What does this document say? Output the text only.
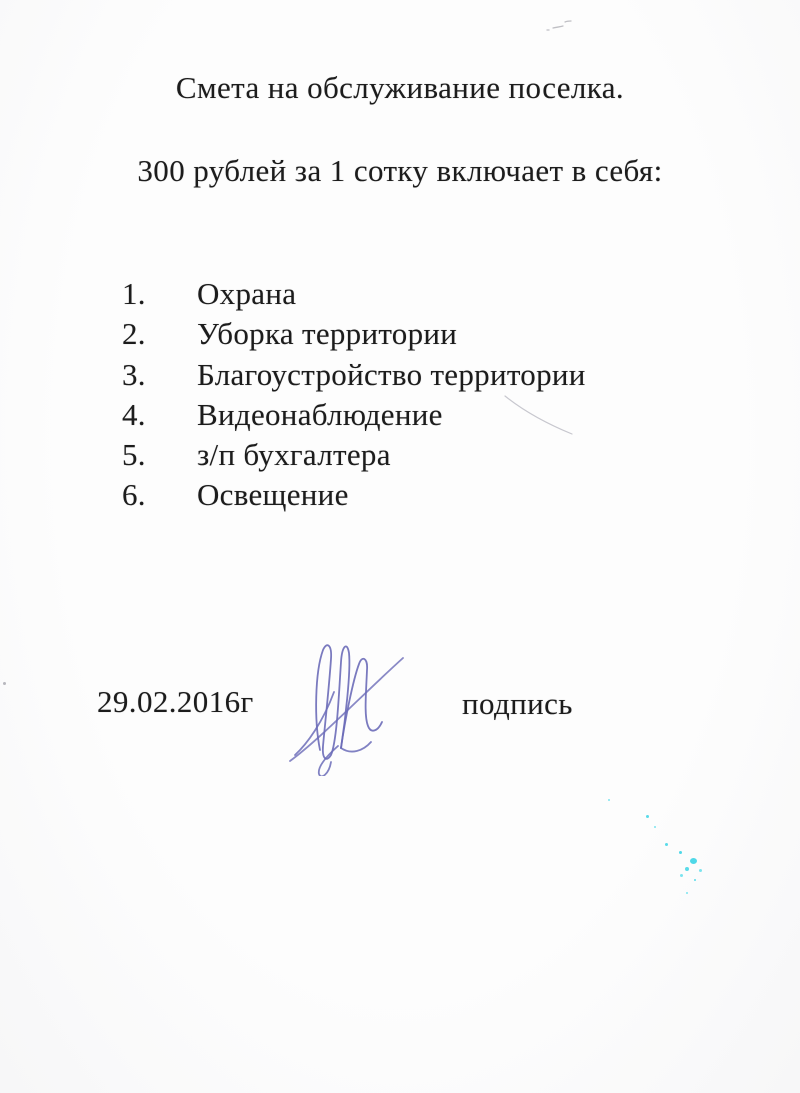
Смета на обслуживание поселка.
300 рублей за 1 сотку включает в себя:
1.	Охрана
2.	Уборка территории
3.	Благоустройство территории
4.	Видеонаблюдение
5.	з/п бухгалтера
6.	Освещение
29.02.2016г	подпись
